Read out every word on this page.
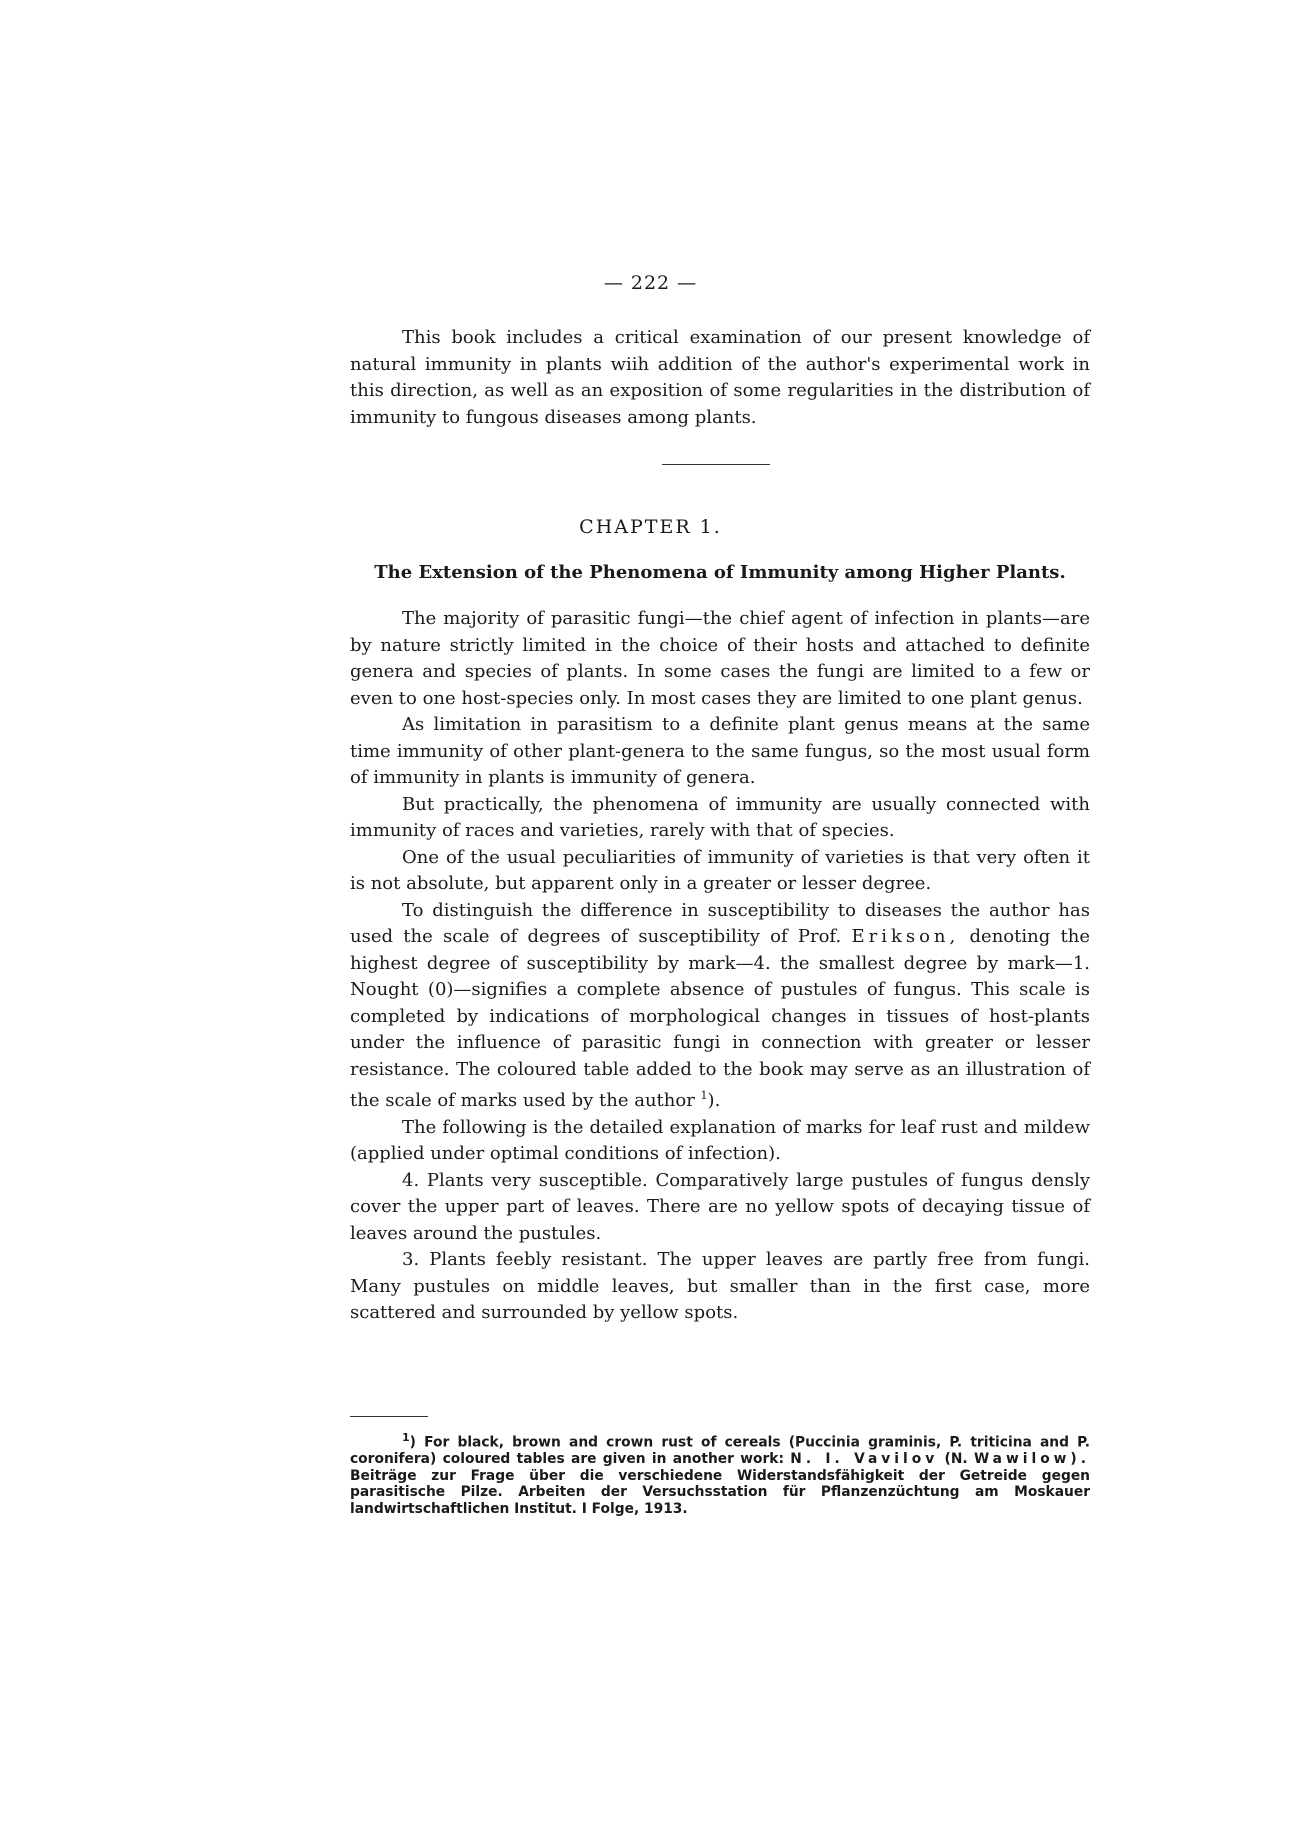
— 222 —

This book includes a critical examination of our present knowledge of natural immunity in plants wiih addition of the author's experimental work in this direction, as well as an exposition of some regularities in the distribution of immunity to fungous diseases among plants.

CHAPTER 1.
The Extension of the Phenomena of Immunity among Higher Plants.

The majority of parasitic fungi—the chief agent of infection in plants—are by nature strictly limited in the choice of their hosts and attached to definite genera and species of plants. In some cases the fungi are limited to a few or even to one host-species only. In most cases they are limited to one plant genus.

As limitation in parasitism to a definite plant genus means at the same time immunity of other plant-genera to the same fungus, so the most usual form of immunity in plants is immunity of genera.

But practically, the phenomena of immunity are usually connected with immunity of races and varieties, rarely with that of species.

One of the usual peculiarities of immunity of varieties is that very often it is not absolute, but apparent only in a greater or lesser degree.

To distinguish the difference in susceptibility to diseases the author has used the scale of degrees of susceptibility of Prof. Erikson, denoting the highest degree of susceptibility by mark—4. the smallest degree by mark—1. Nought (0)—signifies a complete absence of pustules of fungus. This scale is completed by indications of morphological changes in tissues of host-plants under the influence of parasitic fungi in connection with greater or lesser resistance. The coloured table added to the book may serve as an illustration of the scale of marks used by the author $^1$).

The following is the detailed explanation of marks for leaf rust and mildew (applied under optimal conditions of infection).

4. Plants very susceptible. Comparatively large pustules of fungus densly cover the upper part of leaves. There are no yellow spots of decaying tissue of leaves around the pustules.

3. Plants feebly resistant. The upper leaves are partly free from fungi. Many pustules on middle leaves, but smaller than in the first case, more scattered and surrounded by yellow spots.

$^1$) For black, brown and crown rust of cereals (Puccinia graminis, P. triticina and P. coronifera) coloured tables are given in another work: N. I. Vavilov (N. Wawilow). Beiträge zur Frage über die verschiedene Widerstandsfähigkeit der Getreide gegen parasitische Pilze. Arbeiten der Versuchsstation für Pflanzenzüchtung am Moskauer landwirtschaftlichen Institut. I Folge, 1913.
